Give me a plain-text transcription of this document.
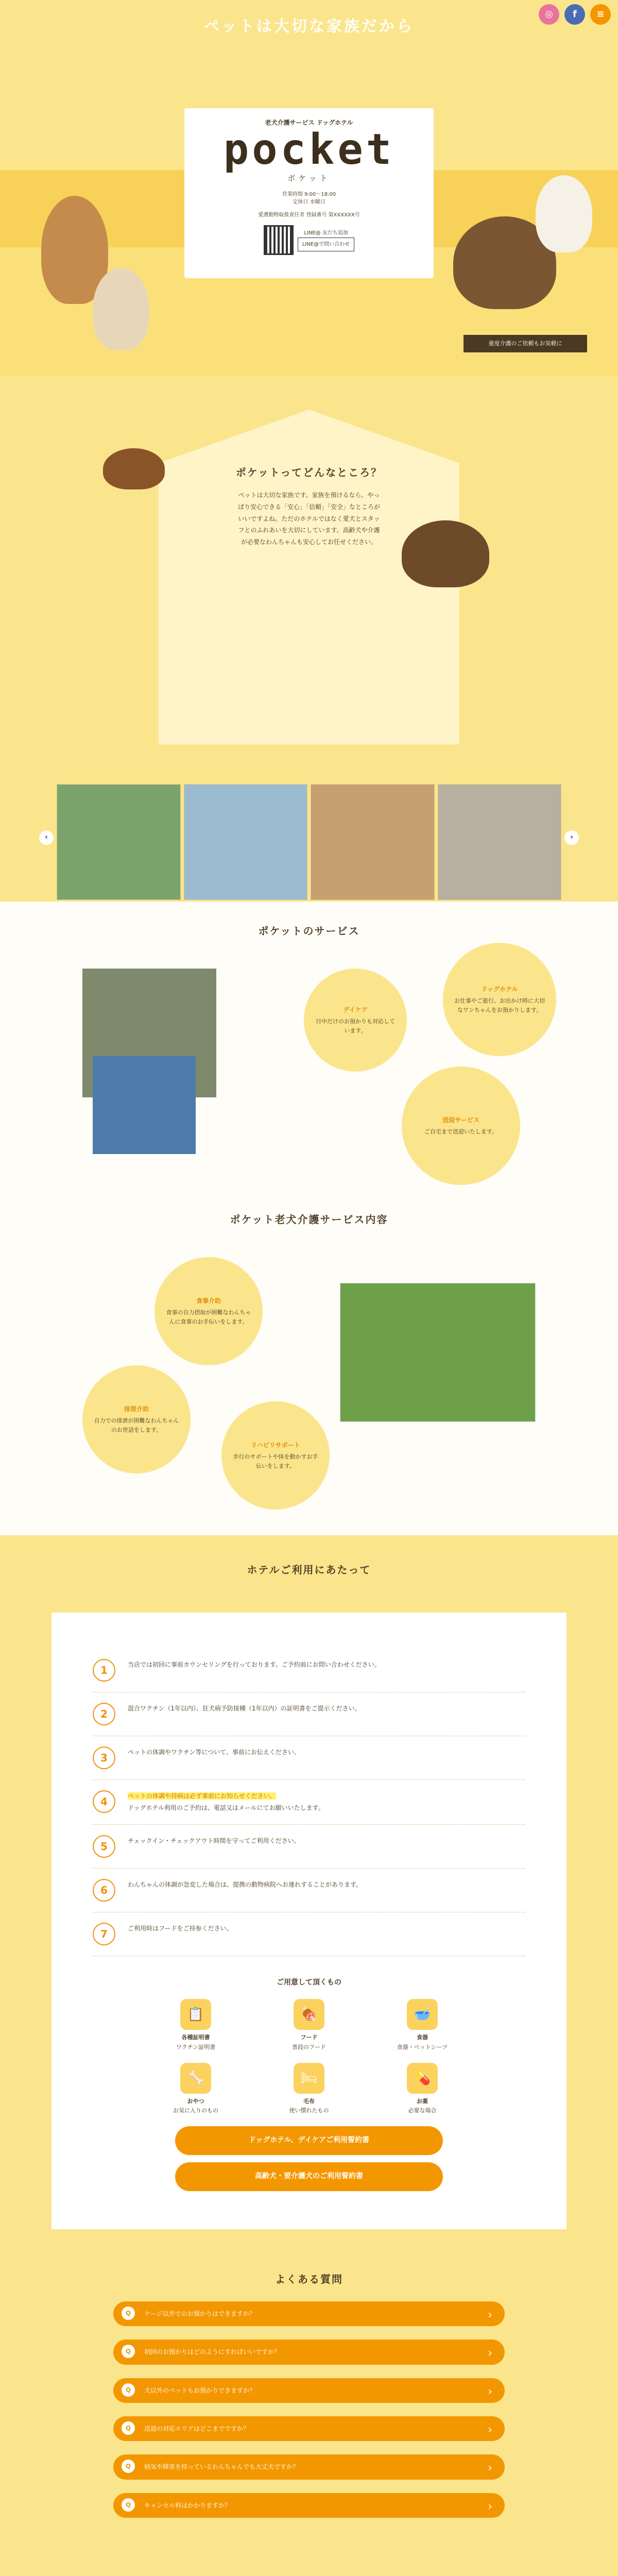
◎	f	≡
ペットは大切な家族だから
老犬介護サービス ドッグホテル
pocket
ポケット
営業時間 9:00〜18:00
定休日 水曜日
愛護動物取扱責任者 登録番号 第XXXXXX号
LINE@ 友だち追加
LINE@で問い合わせ
重度介護のご依頼もお気軽に
ポケットってどんなところ？
ペットは大切な家族です。家族を預けるなら、やっぱり安心できる「安心」「信頼」「安全」なところがいいですよね。ただのホテルではなく愛犬とスタッフとのふれあいを大切にしています。高齢犬や介護が必要なわんちゃんも安心してお任せください。
‹	›
ポケットのサービス
デイケア
日中だけのお預かりも対応しています。
ドッグホテル
お仕事やご旅行、お出かけ時に大切なワンちゃんをお預かりします。
送迎サービス
ご自宅まで送迎いたします。
ポケット老犬介護サービス内容
食事介助
食事の自力摂取が困難なわんちゃんに食事のお手伝いをします。
排泄介助
自力での排泄が困難なわんちゃんのお世話をします。
リハビリサポート
歩行のサポートや体を動かすお手伝いをします。
ホテルご利用にあたって
1	当店では初回に事前カウンセリングを行っております。ご予約前にお問い合わせください。
2	混合ワクチン（1年以内）、狂犬病予防接種（1年以内）の証明書をご提示ください。
3	ペットの体調やワクチン等について、事前にお伝えください。
4	ペットの体調や持病は必ず事前にお知らせください。
ドッグホテル利用のご予約は、電話又はメールにてお願いいたします。
5	チェックイン・チェックアウト時間を守ってご利用ください。
6	わんちゃんの体調が急変した場合は、提携の動物病院へお連れすることがあります。
7	ご利用時はフードをご持参ください。
ご用意して頂くもの
📋
各種証明書
ワクチン証明書
🍖
フード
普段のフード
🥣
食器
食器・ペットシーツ
🦴
おやつ
お気に入りのもの
🛏
毛布
使い慣れたもの
💊
お薬
必要な場合
ドッグホテル、デイケアご利用誓約書
高齢犬・要介護犬のご利用誓約書
よくある質問
Q ケージ以外でのお預かりはできますか？ ›
Q 初回のお預かりはどのようにすればいいですか？ ›
Q 犬以外のペットもお預かりできますか？ ›
Q 送迎の対応エリアはどこまでですか？ ›
Q 病気や障害を持っているわんちゃんでも大丈夫ですか？ ›
Q キャンセル料はかかりますか？ ›
